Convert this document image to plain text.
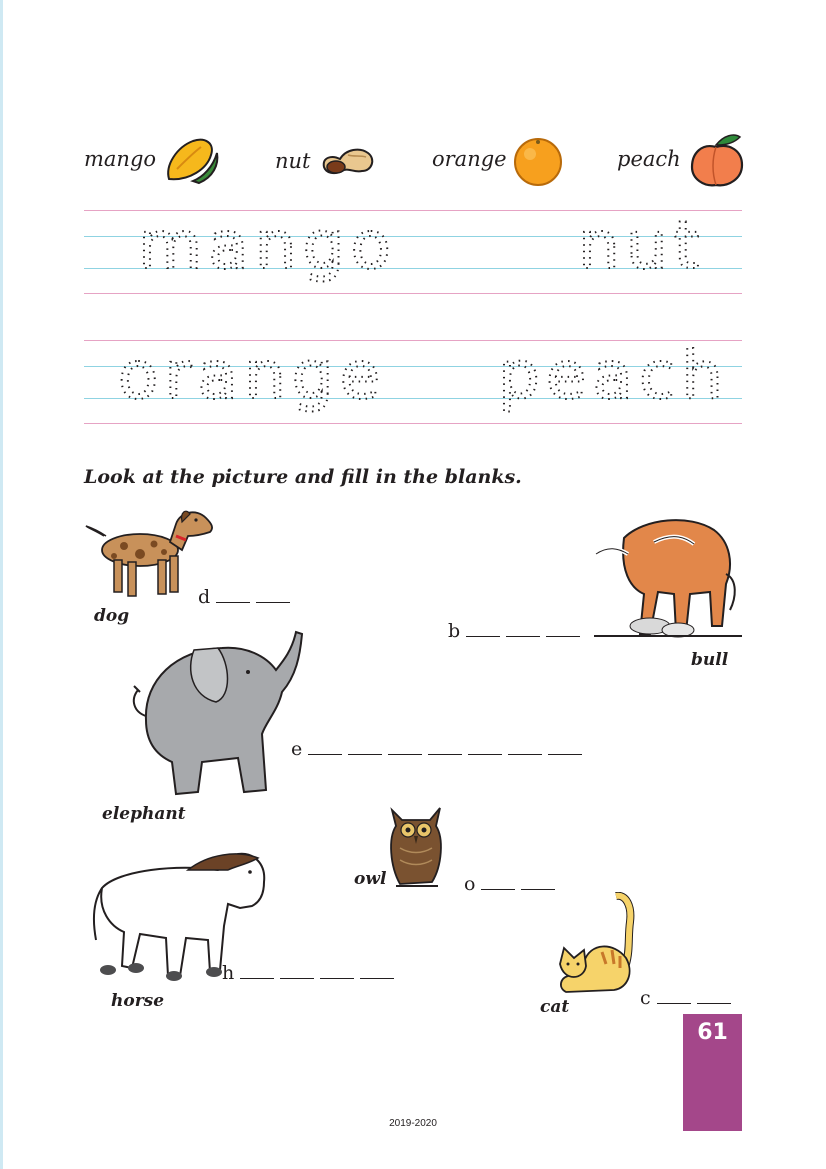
mango	nut	orange	peach
mango	nut
orange peach
Look at the picture and fill in the blanks.
dog
d
bull
b
elephant
e
owl	o
horse
h
cat	c
61
2019-2020
